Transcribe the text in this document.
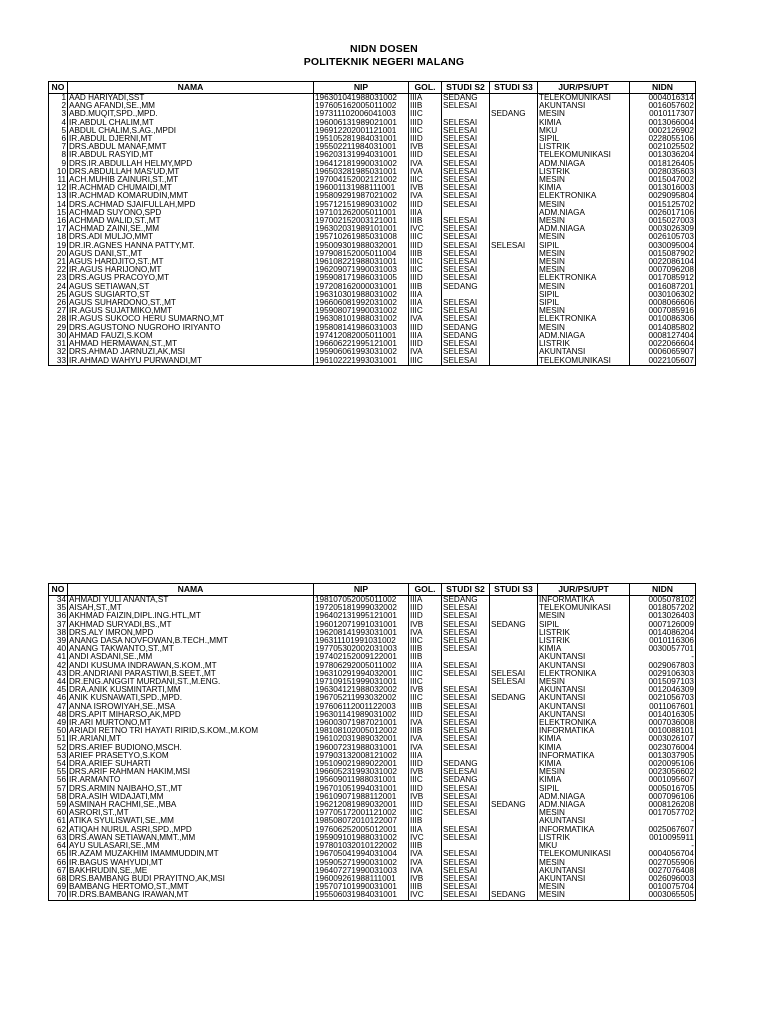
NIDN DOSEN
POLITEKNIK NEGERI MALANG
NO	NAMA	NIP	GOL.	STUDI S2	STUDI S3	JUR/PS/UPT	NIDN
1	AAD HARIYADI,SST	196301041988031002	IIIA	SEDANG		TELEKOMUNIKASI	0004016314
2	AANG AFANDI,SE.,MM	197605162005011002	IIIB	SELESAI		AKUNTANSI	0016057602
3	ABD.MUQIT,SPD.,MPD.	197311102006041003	IIIC		SEDANG	MESIN	0010117307
4	IR.ABDUL CHALIM,MT	196006131989021001	IIID	SELESAI		KIMIA	0013066004
5	ABDUL CHALIM,S.AG.,MPDI	196912202001121001	IIIC	SELESAI		MKU	0002126902
6	IR.ABDUL DJERNI,MT	195105281984031001	IIID	SELESAI		SIPIL	0228055106
7	DRS.ABDUL MANAF,MMT	195502211984031001	IVB	SELESAI		LISTRIK	0021025502
8	IR.ABDUL RASYID,MT	196203131994031001	IIID	SELESAI		TELEKOMUNIKASI	0013036204
9	DRS.IR.ABDULLAH HELMY,MPD	196412181990031002	IVA	SELESAI		ADM.NIAGA	0018126405
10	DRS.ABDULLAH MAS'UD,MT	196503281985031001	IVA	SELESAI		LISTRIK	0028035603
11	ACH.MUHIB ZAINURI,ST.,MT	197004152002121002	IIIC	SELESAI		MESIN	0015047002
12	IR.ACHMAD CHUMAIDI,MT	196001131988111001	IVB	SELESAI		KIMIA	0013016003
13	IR.ACHMAD KOMARUDIN,MMT	195809291987021002	IVA	SELESAI		ELEKTRONIKA	0029095804
14	DRS.ACHMAD SJAIFULLAH,MPD	195712151989031002	IIID	SELESAI		MESIN	0015125702
15	ACHMAD SUYONO,SPD	197101262005011001	IIIA			ADM.NIAGA	0026017106
16	ACHMAD WALID,ST.,MT	197002152003121001	IIIB	SELESAI		MESIN	0015027003
17	ACHMAD ZAINI,SE.,MM	196302031989101001	IVC	SELESAI		ADM.NIAGA	0003026309
18	DRS.ADI MULJO,MMT	195710261985031008	IIIC	SELESAI		MESIN	0026105703
19	DR.IR.AGNES HANNA PATTY,MT.	195009301988032001	IIID	SELESAI	SELESAI	SIPIL	0030095004
20	AGUS DANI,ST.,MT	197908152005011004	IIIB	SELESAI		MESIN	0015087902
21	AGUS HARDJITO,ST.,MT	196108221988031001	IIIC	SELESAI		MESIN	0022086104
22	IR.AGUS HARIJONO,MT	196209071990031003	IIIC	SELESAI		MESIN	0007096208
23	DRS.AGUS PRACOYO,MT	195908171986031005	IIID	SELESAI		ELEKTRONIKA	0017085912
24	AGUS SETIAWAN,ST	197208162000031001	IIIB	SEDANG		MESIN	0016087201
25	AGUS SUGIARTO,ST	196310301988031002	IIIA			SIPIL	0030106302
26	AGUS SUHARDONO,ST.,MT	196606081992031002	IIIA	SELESAI		SIPIL	0008066606
27	IR.AGUS SUJATMIKO,MMT	195908071990031002	IIIC	SELESAI		MESIN	0007085916
28	IR.AGUS SUKOCO HERU SUMARNO,MT	196308101988031002	IVA	SELESAI		ELEKTRONIKA	0010086306
29	DRS.AGUSTONO NUGROHO IRIYANTO	195808141986031003	IIID	SEDANG		MESIN	0014085802
30	AHMAD FAUZI,S.KOM	197412082005011001	IIIA	SEDANG		ADM.NIAGA	0008127404
31	AHMAD HERMAWAN,ST.,MT	196606221995121001	IIID	SELESAI		LISTRIK	0022066604
32	DRS.AHMAD JARNUZI,AK,MSI	195906061993031002	IVA	SELESAI		AKUNTANSI	0006065907
33	IR.AHMAD WAHYU PURWANDI,MT	196102221993031001	IIIC	SELESAI		TELEKOMUNIKASI	0022105607
NO	NAMA	NIP	GOL.	STUDI S2	STUDI S3	JUR/PS/UPT	NIDN
34	AHMADI YULI ANANTA,ST	198107052005011002	IIIA	SEDANG		INFORMATIKA	0005078102
35	AISAH,ST.,MT	197205181999032002	IIID	SELESAI		TELEKOMUNIKASI	0018057202
36	AKHMAD FAIZIN,DIPL.ING.HTL,MT	196402131995121001	IIID	SELESAI		MESIN	0013026403
37	AKHMAD SURYADI,BS.,MT	196012071991031001	IVB	SELESAI	SEDANG	SIPIL	0007126009
38	DRS.ALY IMRON,MPD	196208141993031001	IVA	SELESAI		LISTRIK	0014086204
39	ANANG DASA NOVFOWAN,B.TECH.,MMT	196311101991031002	IIIC	SELESAI		LISTRIK	0010116306
40	ANANG TAKWANTO,ST.,MT	197705302002031003	IIIB	SELESAI		KIMIA	0030057701
41	ANDI ASDANI,SE.,MM	197402152009122001	IIIB			AKUNTANSI	-
42	ANDI KUSUMA INDRAWAN,S.KOM.,MT	197806292005011002	IIIA	SELESAI		AKUNTANSI	0029067803
43	DR.ANDRIANI PARASTIWI,B.SEET.,MT	196310291994032001	IIIC	SELESAI	SELESAI	ELEKTRONIKA	0029106303
44	DR.ENG.ANGGIT MURDANI,ST.,M.ENG.	197109151999031001	IIIC		SELESAI	MESIN	0015097103
45	DRA.ANIK KUSMINTARTI,MM	196304121988032002	IVB	SELESAI		AKUNTANSI	0012046309
46	ANIK KUSNAWATI,SPD.,MPD.	196705211993032002	IIIC	SELESAI	SEDANG	AKUNTANSI	0021056703
47	ANNA ISROWIYAH,SE.,MSA	197606112001122003	IIIB	SELESAI		AKUNTANSI	0011067601
48	DRS.APIT MIHARSO,AK,MPD	196301141989031002	IIID	SELESAI		AKUNTANSI	0014016305
49	IR.ARI MURTONO,MT	196003071987021001	IVA	SELESAI		ELEKTRONIKA	0007036008
50	ARIADI RETNO TRI HAYATI RIRID,S.KOM.,M.KOM	198108102005012002	IIIB	SELESAI		INFORMATIKA	0010088101
51	IR.ARIANI,MT	196102031989032001	IVA	SELESAI		KIMIA	0003026107
52	DRS.ARIEF BUDIONO,MSCH.	196007231988031001	IVA	SELESAI		KIMIA	0023076004
53	ARIEF PRASETYO,S.KOM	197903132008121002	IIIA			INFORMATIKA	0013037905
54	DRA.ARIEF SUHARTI	195109021989022001	IIID	SEDANG		KIMIA	0020095106
55	DRS.ARIF RAHMAN HAKIM,MSI	196605231993031002	IVB	SELESAI		MESIN	0023056602
56	IR.ARMANTO	195609011988031001	IIIC	SEDANG		KIMIA	0001095607
57	DRS.ARMIN NAIBAHO,ST.,MT	196701051994031001	IIID	SELESAI		SIPIL	0005016705
58	DRA.ASIH WIDAJATI,MM	196109071988112001	IVB	SELESAI		ADM.NIAGA	0007096106
59	ASMINAH RACHMI,SE.,MBA	196212081989032001	IIID	SELESAI	SEDANG	ADM.NIAGA	0008126208
60	ASRORI,ST.,MT	197705172001121002	IIIC	SELESAI		MESIN	0017057702
61	ATIKA SYULISWATI,SE.,MM	198508072010122007	IIIB			AKUNTANSI	-
62	ATIQAH NURUL ASRI,SPD.,MPD	197606252005012001	IIIA	SELESAI		INFORMATIKA	0025067607
63	DRS.AWAN SETIAWAN,MMT.,MM	195909101988031002	IVC	SELESAI		LISTRIK	0010095911
64	AYU SULASARI,SE.,MM	197801032010122002	IIIB			MKU	-
65	IR.AZAM MUZAKHIM IMAMMUDDIN,MT	196705041994031004	IVA	SELESAI		TELEKOMUNIKASI	0004056704
66	IR.BAGUS WAHYUDI,MT	195905271990031002	IVA	SELESAI		MESIN	0027055906
67	BAKHRUDIN,SE.,ME	196407271990031003	IVA	SELESAI		AKUNTANSI	0027076408
68	DRS.BAMBANG BUDI PRAYITNO,AK,MSI	196009261988111001	IVB	SELESAI		AKUNTANSI	0026096003
69	BAMBANG HERTOMO,ST.,MMT	195707101990031001	IIIB	SELESAI		MESIN	0010075704
70	IR.DRS.BAMBANG IRAWAN,MT	195506031984031001	IVC	SELESAI	SEDANG	MESIN	0003065505
